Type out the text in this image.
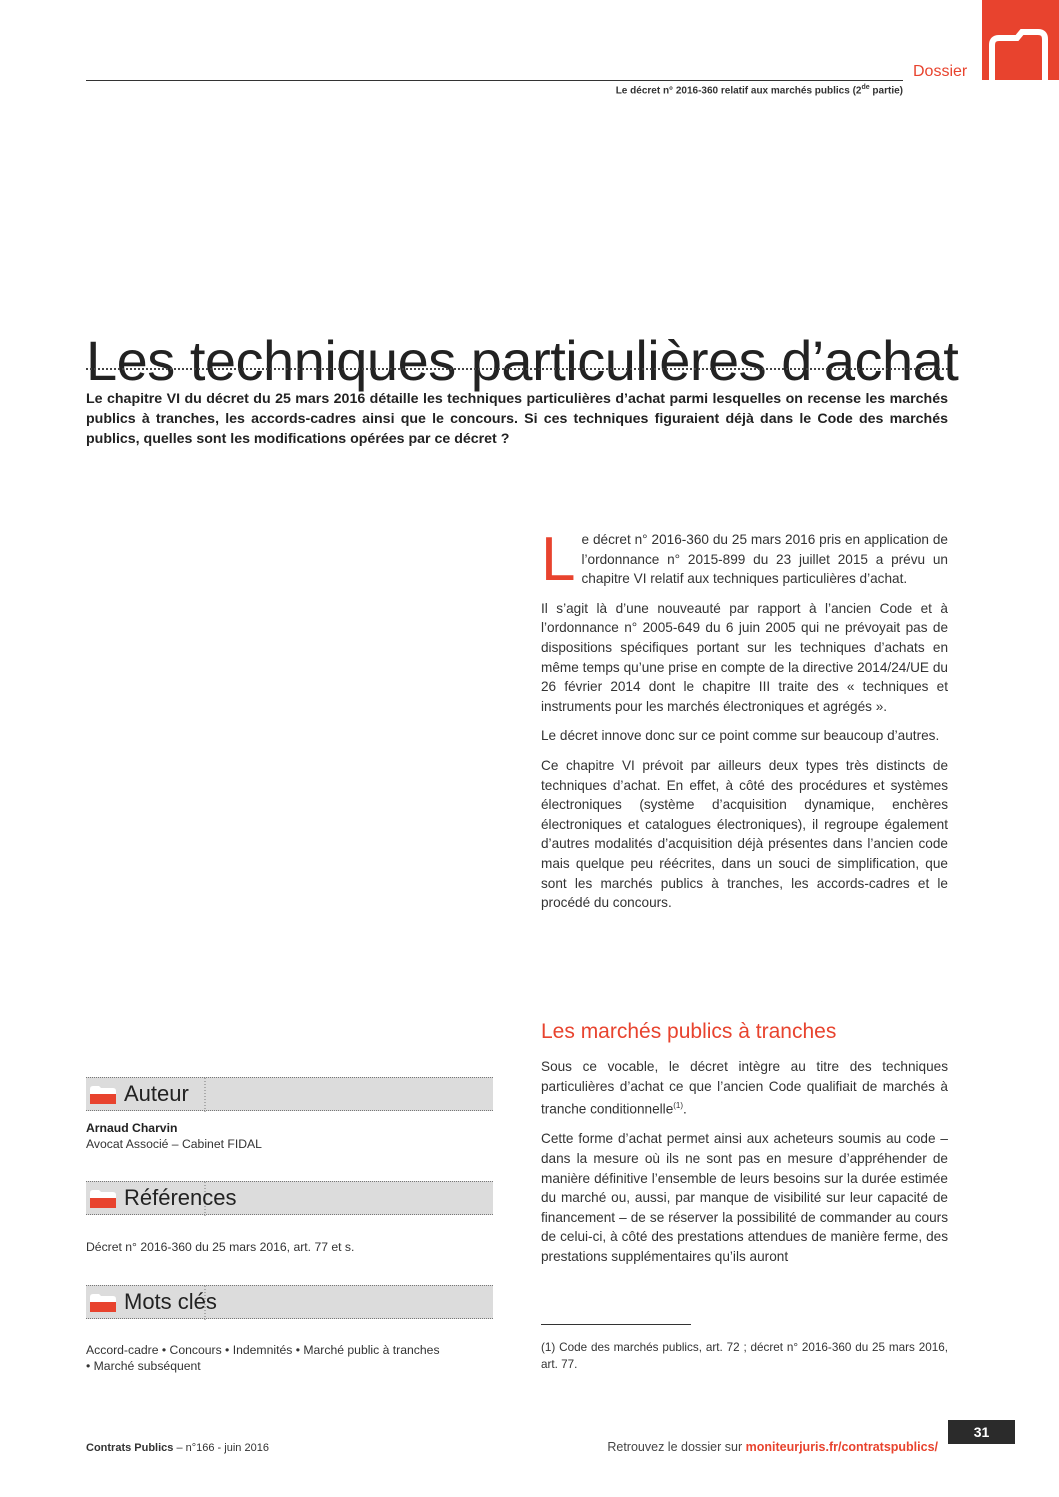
Le décret n° 2016-360 relatif aux marchés publics (2de partie)
Dossier
Les techniques particulières d’achat
Le chapitre VI du décret du 25 mars 2016 détaille les techniques particulières d’achat parmi lesquelles on recense les marchés publics à tranches, les accords-cadres ainsi que le concours. Si ces techniques figuraient déjà dans le Code des marchés publics, quelles sont les modifications opérées par ce décret ?

Le décret n° 2016-360 du 25 mars 2016 pris en application de l’ordonnance n° 2015-899 du 23 juillet 2015 a prévu un chapitre VI relatif aux techniques particulières d’achat.

Il s’agit là d’une nouveauté par rapport à l’ancien Code et à l’ordonnance n° 2005-649 du 6 juin 2005 qui ne prévoyait pas de dispositions spécifiques portant sur les techniques d’achats en même temps qu’une prise en compte de la directive 2014/24/UE du 26 février 2014 dont le chapitre III traite des « techniques et instruments pour les marchés électroniques et agrégés ».

Le décret innove donc sur ce point comme sur beaucoup d’autres.

Ce chapitre VI prévoit par ailleurs deux types très distincts de techniques d’achat. En effet, à côté des procédures et systèmes électroniques (système d’acquisition dynamique, enchères électroniques et catalogues électroniques), il regroupe également d’autres modalités d’acquisition déjà présentes dans l’ancien code mais quelque peu réécrites, dans un souci de simplification, que sont les marchés publics à tranches, les accords-cadres et le procédé du concours.

Les marchés publics à tranches

Sous ce vocable, le décret intègre au titre des techniques particulières d’achat ce que l’ancien Code qualifiait de marchés à tranche conditionnelle$^{(1)}$.

Cette forme d’achat permet ainsi aux acheteurs soumis au code – dans la mesure où ils ne sont pas en mesure d’appréhender de manière définitive l’ensemble de leurs besoins sur la durée estimée du marché ou, aussi, par manque de visibilité sur leur capacité de financement – de se réserver la possibilité de commander au cours de celui-ci, à côté des prestations attendues de manière ferme, des prestations supplémentaires qu’ils auront

(1) Code des marchés publics, art. 72 ; décret n° 2016-360 du 25 mars 2016, art. 77.
Auteur
Arnaud Charvin
Avocat Associé – Cabinet FIDAL
Références
Décret n° 2016-360 du 25 mars 2016, art. 77 et s.
Mots clés
Accord-cadre • Concours • Indemnités • Marché public à tranches • Marché subséquent
Contrats Publics – n°166 - juin 2016	Retrouvez le dossier sur moniteurjuris.fr/contratspublics/
31
